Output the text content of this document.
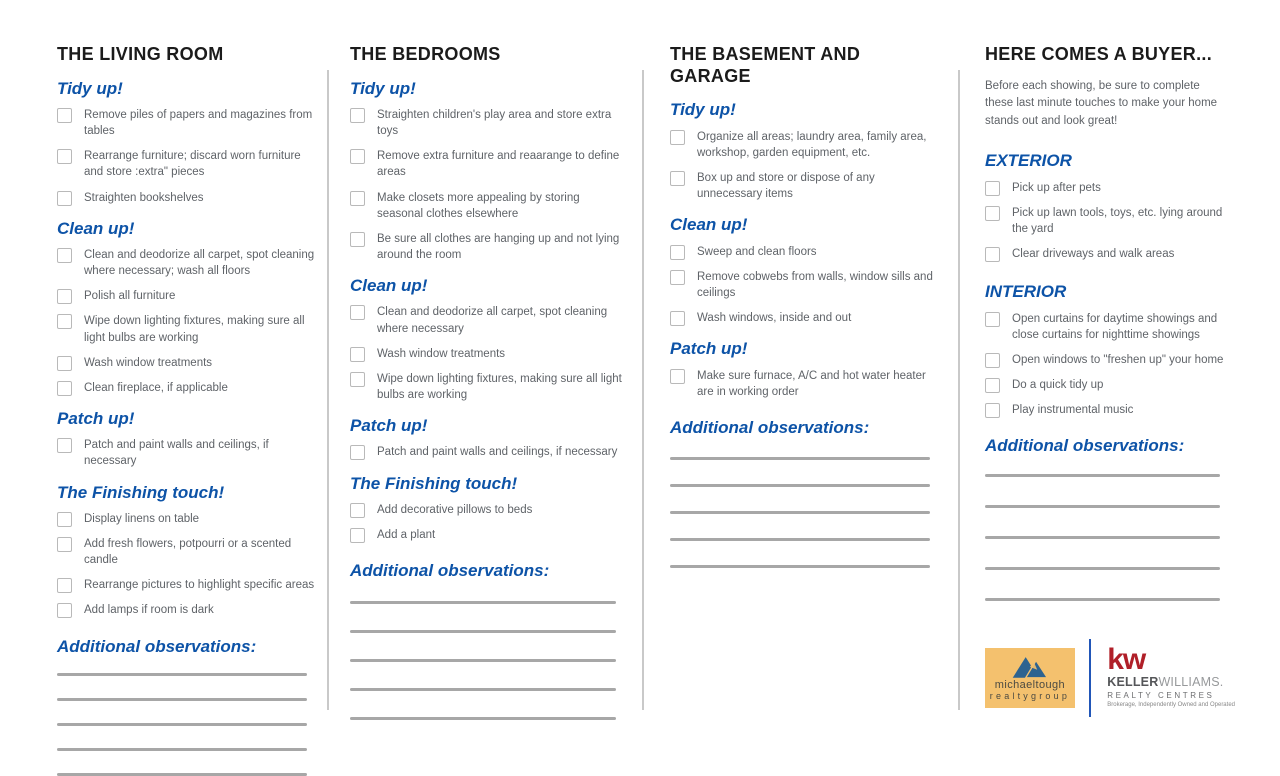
THE LIVING ROOM
Tidy up!
Remove piles of papers and magazines from tables
Rearrange furniture; discard worn furniture and store :extra" pieces
Straighten bookshelves
Clean up!
Clean and deodorize all carpet, spot cleaning where necessary; wash all floors
Polish all furniture
Wipe down lighting fixtures, making sure all light bulbs are working
Wash window treatments
Clean fireplace, if applicable
Patch up!
Patch and paint walls and ceilings, if necessary
The Finishing touch!
Display linens on table
Add fresh flowers, potpourri or a scented candle
Rearrange pictures to highlight specific areas
Add lamps if room is dark
Additional observations:
THE BEDROOMS
Tidy up!
Straighten children's play area and store extra toys
Remove extra furniture and reaarange to define areas
Make closets more appealing by storing seasonal clothes elsewhere
Be sure all clothes are hanging up and not lying around the room
Clean up!
Clean and deodorize all carpet, spot cleaning where necessary
Wash window treatments
Wipe down lighting fixtures, making sure all light bulbs are working
Patch up!
Patch and paint walls and ceilings, if necessary
The Finishing touch!
Add decorative pillows to beds
Add a plant
Additional observations:
THE BASEMENT AND GARAGE
Tidy up!
Organize all areas; laundry area, family area, workshop, garden equipment, etc.
Box up and store or dispose of any unnecessary items
Clean up!
Sweep and clean floors
Remove cobwebs from walls, window sills and ceilings
Wash windows, inside and out
Patch up!
Make sure furnace, A/C and hot water heater are in working order
Additional observations:
HERE COMES A BUYER...

Before each showing, be sure to complete these last minute touches to make your home stands out and look great!

EXTERIOR
Pick up after pets
Pick up lawn tools, toys, etc. lying around the yard
Clear driveways and walk areas
INTERIOR
Open curtains for daytime showings and close curtains for nighttime showings
Open windows to "freshen up" your home
Do a quick tidy up
Play instrumental music
Additional observations:
michaeltough
realtygroup
kw
KELLERWILLIAMS.
REALTY CENTRES
Brokerage, Independently Owned and Operated
